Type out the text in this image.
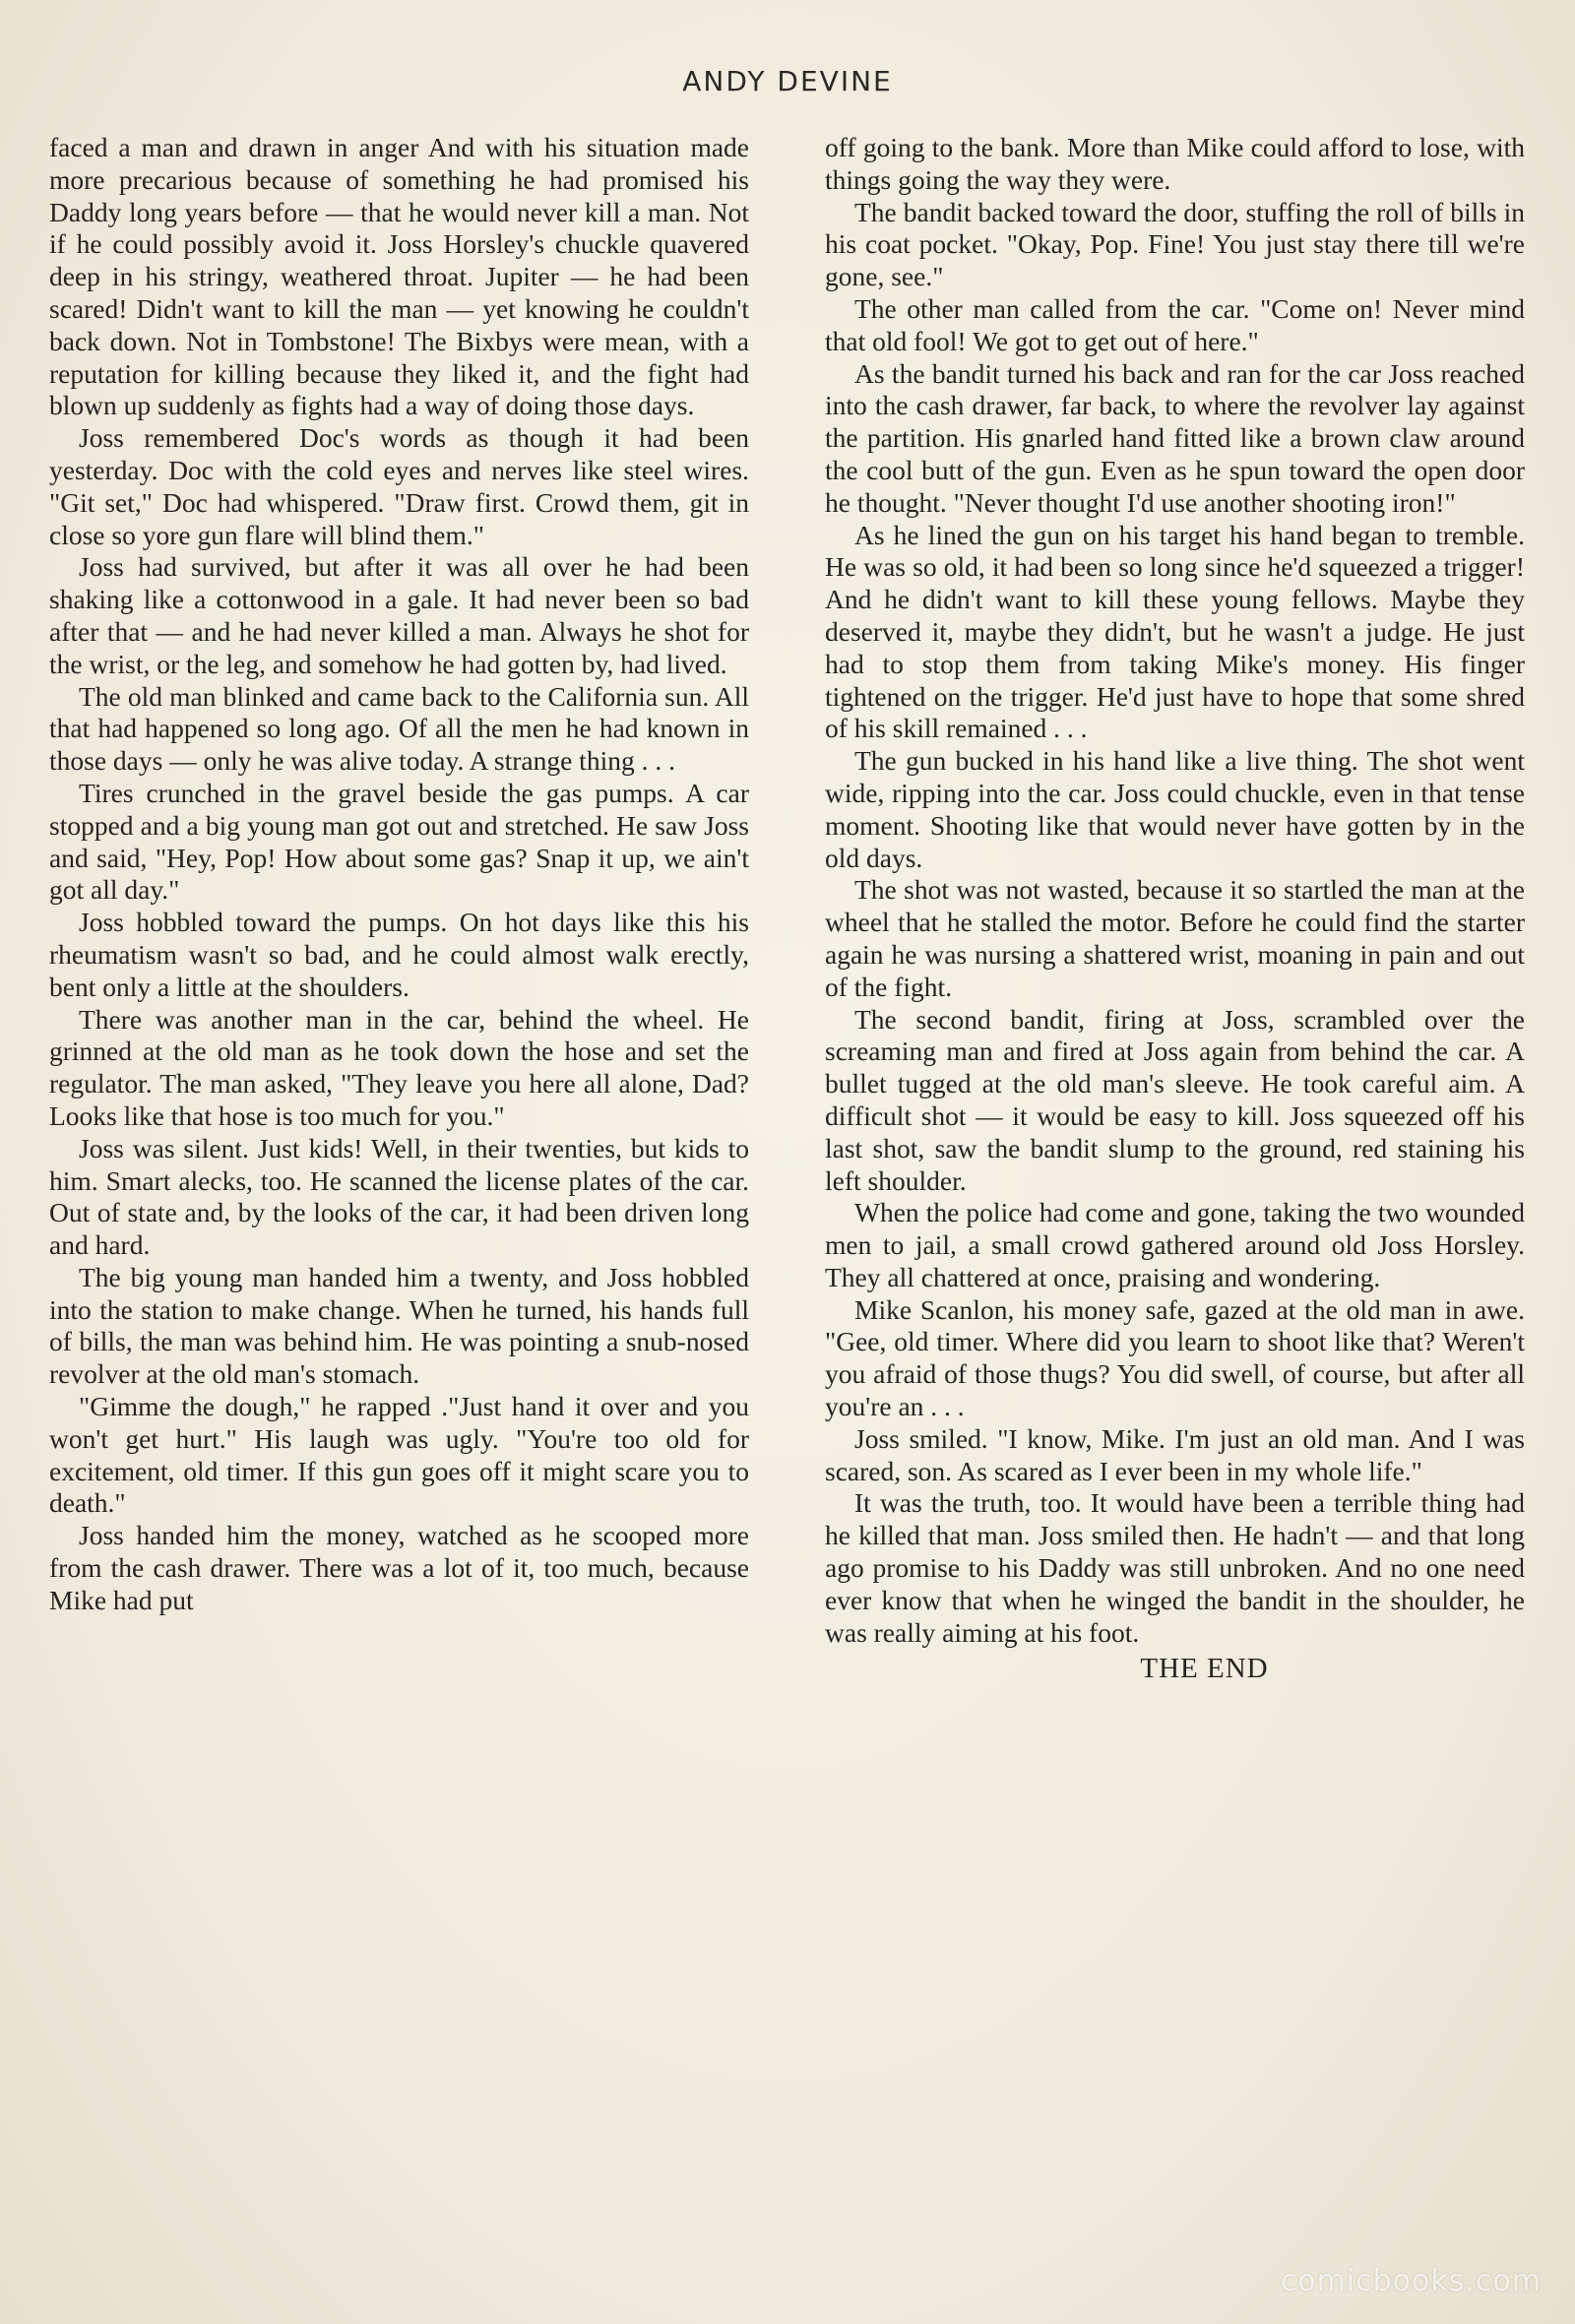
ANDY DEVINE

faced a man and drawn in anger And with his situation made more precarious because of something he had promised his Daddy long years before — that he would never kill a man. Not if he could possibly avoid it. Joss Horsley's chuckle quavered deep in his stringy, weathered throat. Jupiter — he had been scared! Didn't want to kill the man — yet knowing he couldn't back down. Not in Tombstone! The Bixbys were mean, with a reputation for killing because they liked it, and the fight had blown up suddenly as fights had a way of doing those days.

Joss remembered Doc's words as though it had been yesterday. Doc with the cold eyes and nerves like steel wires. "Git set," Doc had whispered. "Draw first. Crowd them, git in close so yore gun flare will blind them."

Joss had survived, but after it was all over he had been shaking like a cottonwood in a gale. It had never been so bad after that — and he had never killed a man. Always he shot for the wrist, or the leg, and somehow he had gotten by, had lived.

The old man blinked and came back to the California sun. All that had happened so long ago. Of all the men he had known in those days — only he was alive today. A strange thing . . .

Tires crunched in the gravel beside the gas pumps. A car stopped and a big young man got out and stretched. He saw Joss and said, "Hey, Pop! How about some gas? Snap it up, we ain't got all day."

Joss hobbled toward the pumps. On hot days like this his rheumatism wasn't so bad, and he could almost walk erectly, bent only a little at the shoulders.

There was another man in the car, behind the wheel. He grinned at the old man as he took down the hose and set the regulator. The man asked, "They leave you here all alone, Dad? Looks like that hose is too much for you."

Joss was silent. Just kids! Well, in their twenties, but kids to him. Smart alecks, too. He scanned the license plates of the car. Out of state and, by the looks of the car, it had been driven long and hard.

The big young man handed him a twenty, and Joss hobbled into the station to make change. When he turned, his hands full of bills, the man was behind him. He was pointing a snub-nosed revolver at the old man's stomach.

"Gimme the dough," he rapped ."Just hand it over and you won't get hurt." His laugh was ugly. "You're too old for excitement, old timer. If this gun goes off it might scare you to death."

Joss handed him the money, watched as he scooped more from the cash drawer. There was a lot of it, too much, because Mike had put

off going to the bank. More than Mike could afford to lose, with things going the way they were.

The bandit backed toward the door, stuffing the roll of bills in his coat pocket. "Okay, Pop. Fine! You just stay there till we're gone, see."

The other man called from the car. "Come on! Never mind that old fool! We got to get out of here."

As the bandit turned his back and ran for the car Joss reached into the cash drawer, far back, to where the revolver lay against the partition. His gnarled hand fitted like a brown claw around the cool butt of the gun. Even as he spun toward the open door he thought. "Never thought I'd use another shooting iron!"

As he lined the gun on his target his hand began to tremble. He was so old, it had been so long since he'd squeezed a trigger! And he didn't want to kill these young fellows. Maybe they deserved it, maybe they didn't, but he wasn't a judge. He just had to stop them from taking Mike's money. His finger tightened on the trigger. He'd just have to hope that some shred of his skill remained . . .

The gun bucked in his hand like a live thing. The shot went wide, ripping into the car. Joss could chuckle, even in that tense moment. Shooting like that would never have gotten by in the old days.

The shot was not wasted, because it so startled the man at the wheel that he stalled the motor. Before he could find the starter again he was nursing a shattered wrist, moaning in pain and out of the fight.

The second bandit, firing at Joss, scrambled over the screaming man and fired at Joss again from behind the car. A bullet tugged at the old man's sleeve. He took careful aim. A difficult shot — it would be easy to kill. Joss squeezed off his last shot, saw the bandit slump to the ground, red staining his left shoulder.

When the police had come and gone, taking the two wounded men to jail, a small crowd gathered around old Joss Horsley. They all chattered at once, praising and wondering.

Mike Scanlon, his money safe, gazed at the old man in awe. "Gee, old timer. Where did you learn to shoot like that? Weren't you afraid of those thugs? You did swell, of course, but after all you're an . . .

Joss smiled. "I know, Mike. I'm just an old man. And I was scared, son. As scared as I ever been in my whole life."

It was the truth, too. It would have been a terrible thing had he killed that man. Joss smiled then. He hadn't — and that long ago promise to his Daddy was still unbroken. And no one need ever know that when he winged the bandit in the shoulder, he was really aiming at his foot.

THE END
comicbooks.com
